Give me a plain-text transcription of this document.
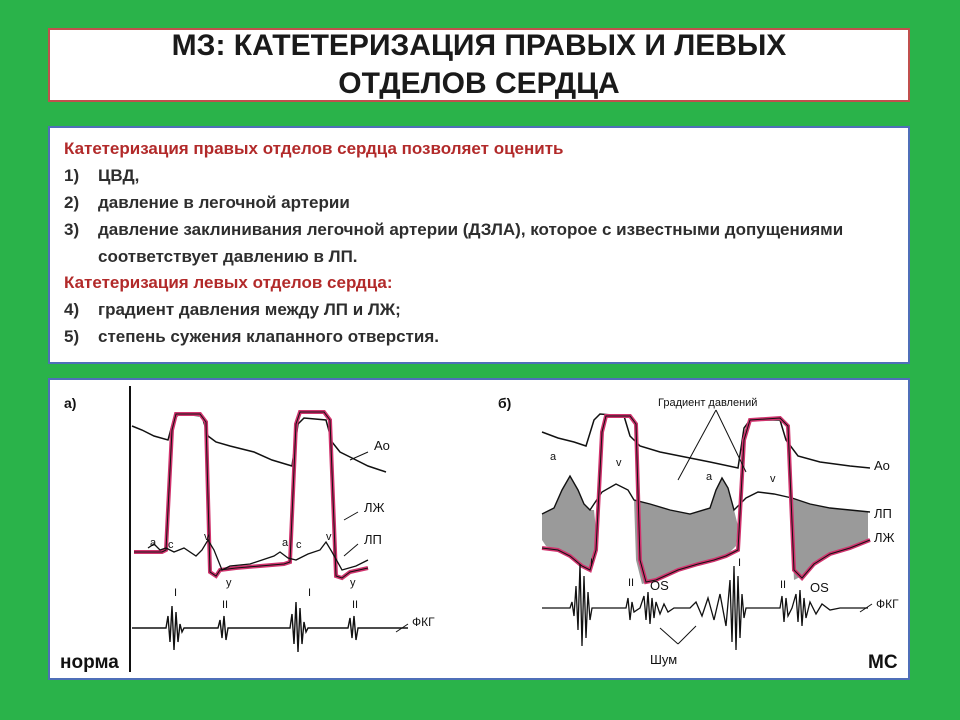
МЗ: КАТЕТЕРИЗАЦИЯ ПРАВЫХ И ЛЕВЫХ ОТДЕЛОВ СЕРДЦА
Катетеризация правых отделов сердца позволяет оценить
1)	ЦВД,
2)	давление в легочной артерии
3)	давление заклинивания легочной артерии (ДЗЛА), которое с известными допущениями соответствует давлению в ЛП.
Катетеризация левых отделов сердца:
4)	градиент давления между ЛП и ЛЖ;
5)	степень сужения клапанного отверстия.
а)
Ао
ЛЖ
ЛП
a c
v
y
a c
v
y
I
II
I
II
ФКГ
б)	Градиент давлений
Ао
ЛП
ЛЖ
a	v
a	v
I
II OS
I
II OS
Шум
ФКГ
норма	МС
